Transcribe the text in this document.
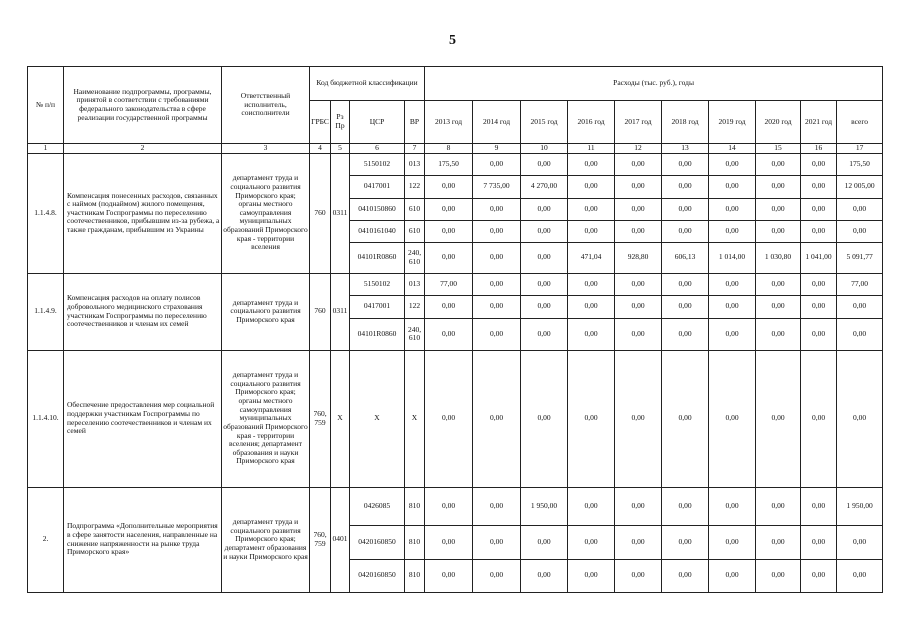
5
№ п/п	Наименование подпрограммы, программы, принятой в соответствии с требованиями федерального законодательства в сфере реализации государственной программы	Ответственный исполнитель, соисполнители	Код бюджетной классификации				Расходы (тыс. руб.), годы									
			ГРБС	Рз Пр	ЦСР	ВР	2013 год	2014 год	2015 год	2016 год	2017 год	2018 год	2019 год	2020 год	2021 год	всего
1	2	3	4	5	6	7	8	9	10	11	12	13	14	15	16	17
1.1.4.8.	Компенсация понесенных расходов, связанных с наймом (поднаймом) жилого помещения, участникам Госпрограммы по переселению соотечественников, прибывшим из-за рубежа, а также гражданам, прибывшим из Украины	департамент труда и социального развития Приморского края; органы местного самоуправления муниципальных образований Приморского края - территории вселения	760	0311	5150102	013	175,50	0,00	0,00	0,00	0,00	0,00	0,00	0,00	0,00	175,50
					0417001	122	0,00	7 735,00	4 270,00	0,00	0,00	0,00	0,00	0,00	0,00	12 005,00
					0410150860	610	0,00	0,00	0,00	0,00	0,00	0,00	0,00	0,00	0,00	0,00
					0410161040	610	0,00	0,00	0,00	0,00	0,00	0,00	0,00	0,00	0,00	0,00
					04101R0860	240, 610	0,00	0,00	0,00	471,04	928,80	606,13	1 014,00	1 030,80	1 041,00	5 091,77
1.1.4.9.	Компенсация расходов на оплату полисов добровольного медицинского страхования участникам Госпрограммы по переселению соотечественников и членам их семей	департамент труда и социального развития Приморского края	760	0311	5150102	013	77,00	0,00	0,00	0,00	0,00	0,00	0,00	0,00	0,00	77,00
					0417001	122	0,00	0,00	0,00	0,00	0,00	0,00	0,00	0,00	0,00	0,00
					04101R0860	240, 610	0,00	0,00	0,00	0,00	0,00	0,00	0,00	0,00	0,00	0,00
1.1.4.10.	Обеспечение предоставления мер социальной поддержки участникам Госпрограммы по переселению соотечественников и членам их семей	департамент труда и социального развития Приморского края; органы местного самоуправления муниципальных образований Приморского края - территории вселения; департамент образования и науки Приморского края	760, 759	X	X	X	0,00	0,00	0,00	0,00	0,00	0,00	0,00	0,00	0,00	0,00
2.	Подпрограмма «Дополнительные мероприятия в сфере занятости населения, направленные на снижение напряженности на рынке труда Приморского края»	департамент труда и социального развития Приморского края; департамент образования и науки Приморского края	760, 759	0401	0426085	810	0,00	0,00	1 950,00	0,00	0,00	0,00	0,00	0,00	0,00	1 950,00
					0420160850	810	0,00	0,00	0,00	0,00	0,00	0,00	0,00	0,00	0,00	0,00
					0420160850	810	0,00	0,00	0,00	0,00	0,00	0,00	0,00	0,00	0,00	0,00
